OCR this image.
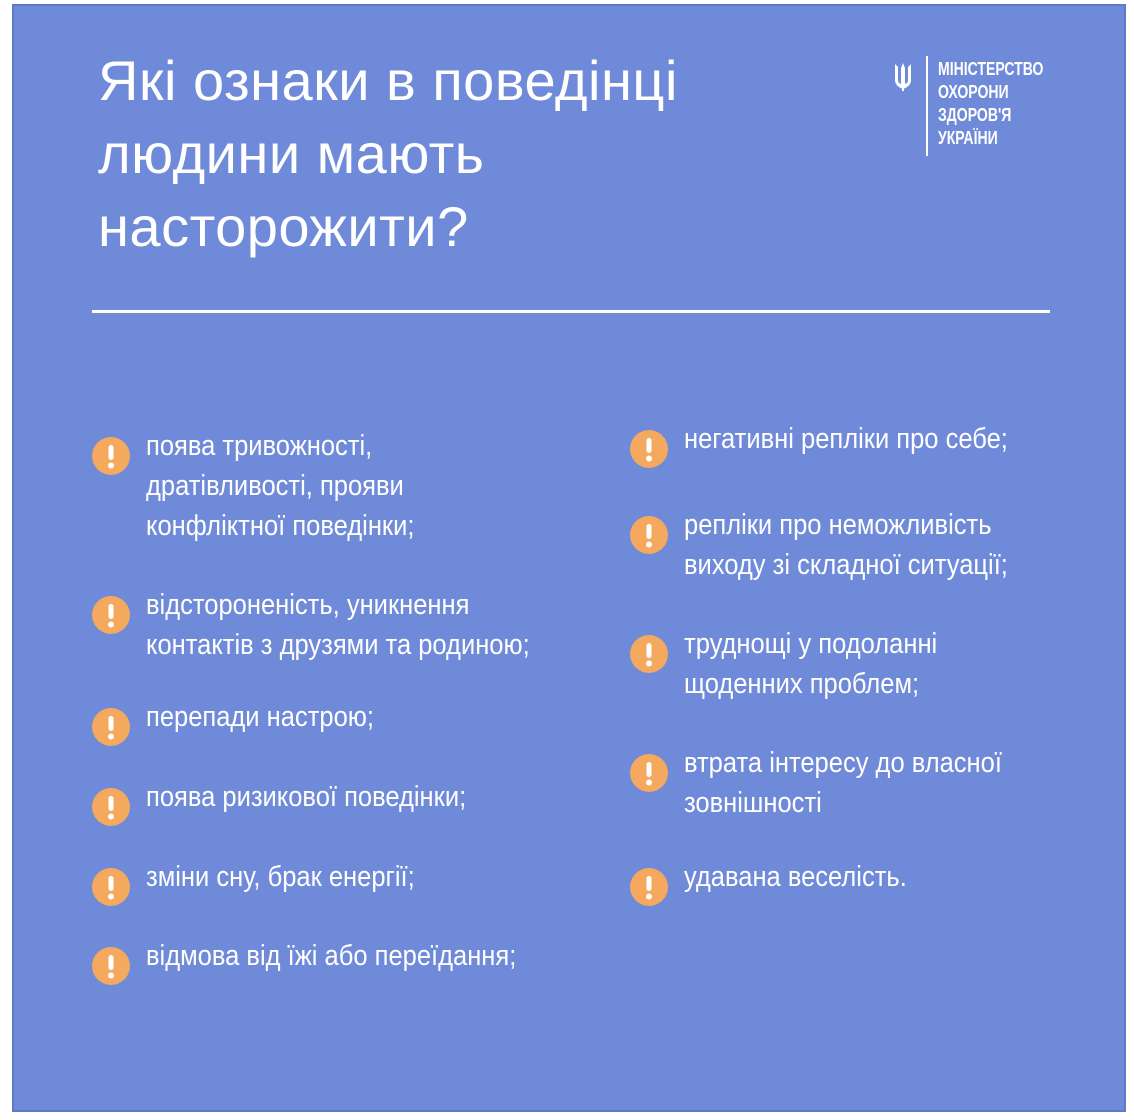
Які ознаки в поведінці
людини мають
насторожити?
МІНІСТЕРСТВО
ОХОРОНИ
ЗДОРОВ'Я
УКРАЇНИ
поява тривожності,
дратівливості, прояви
конфліктної поведінки;
відстороненість, уникнення
контактів з друзями та родиною;
перепади настрою;
поява ризикової поведінки;
зміни сну, брак енергії;
відмова від їжі або переїдання;
негативні репліки про себе;
репліки про неможливість
виходу зі складної ситуації;
труднощі у подоланні
щоденних проблем;
втрата інтересу до власної
зовнішності
удавана веселість.
